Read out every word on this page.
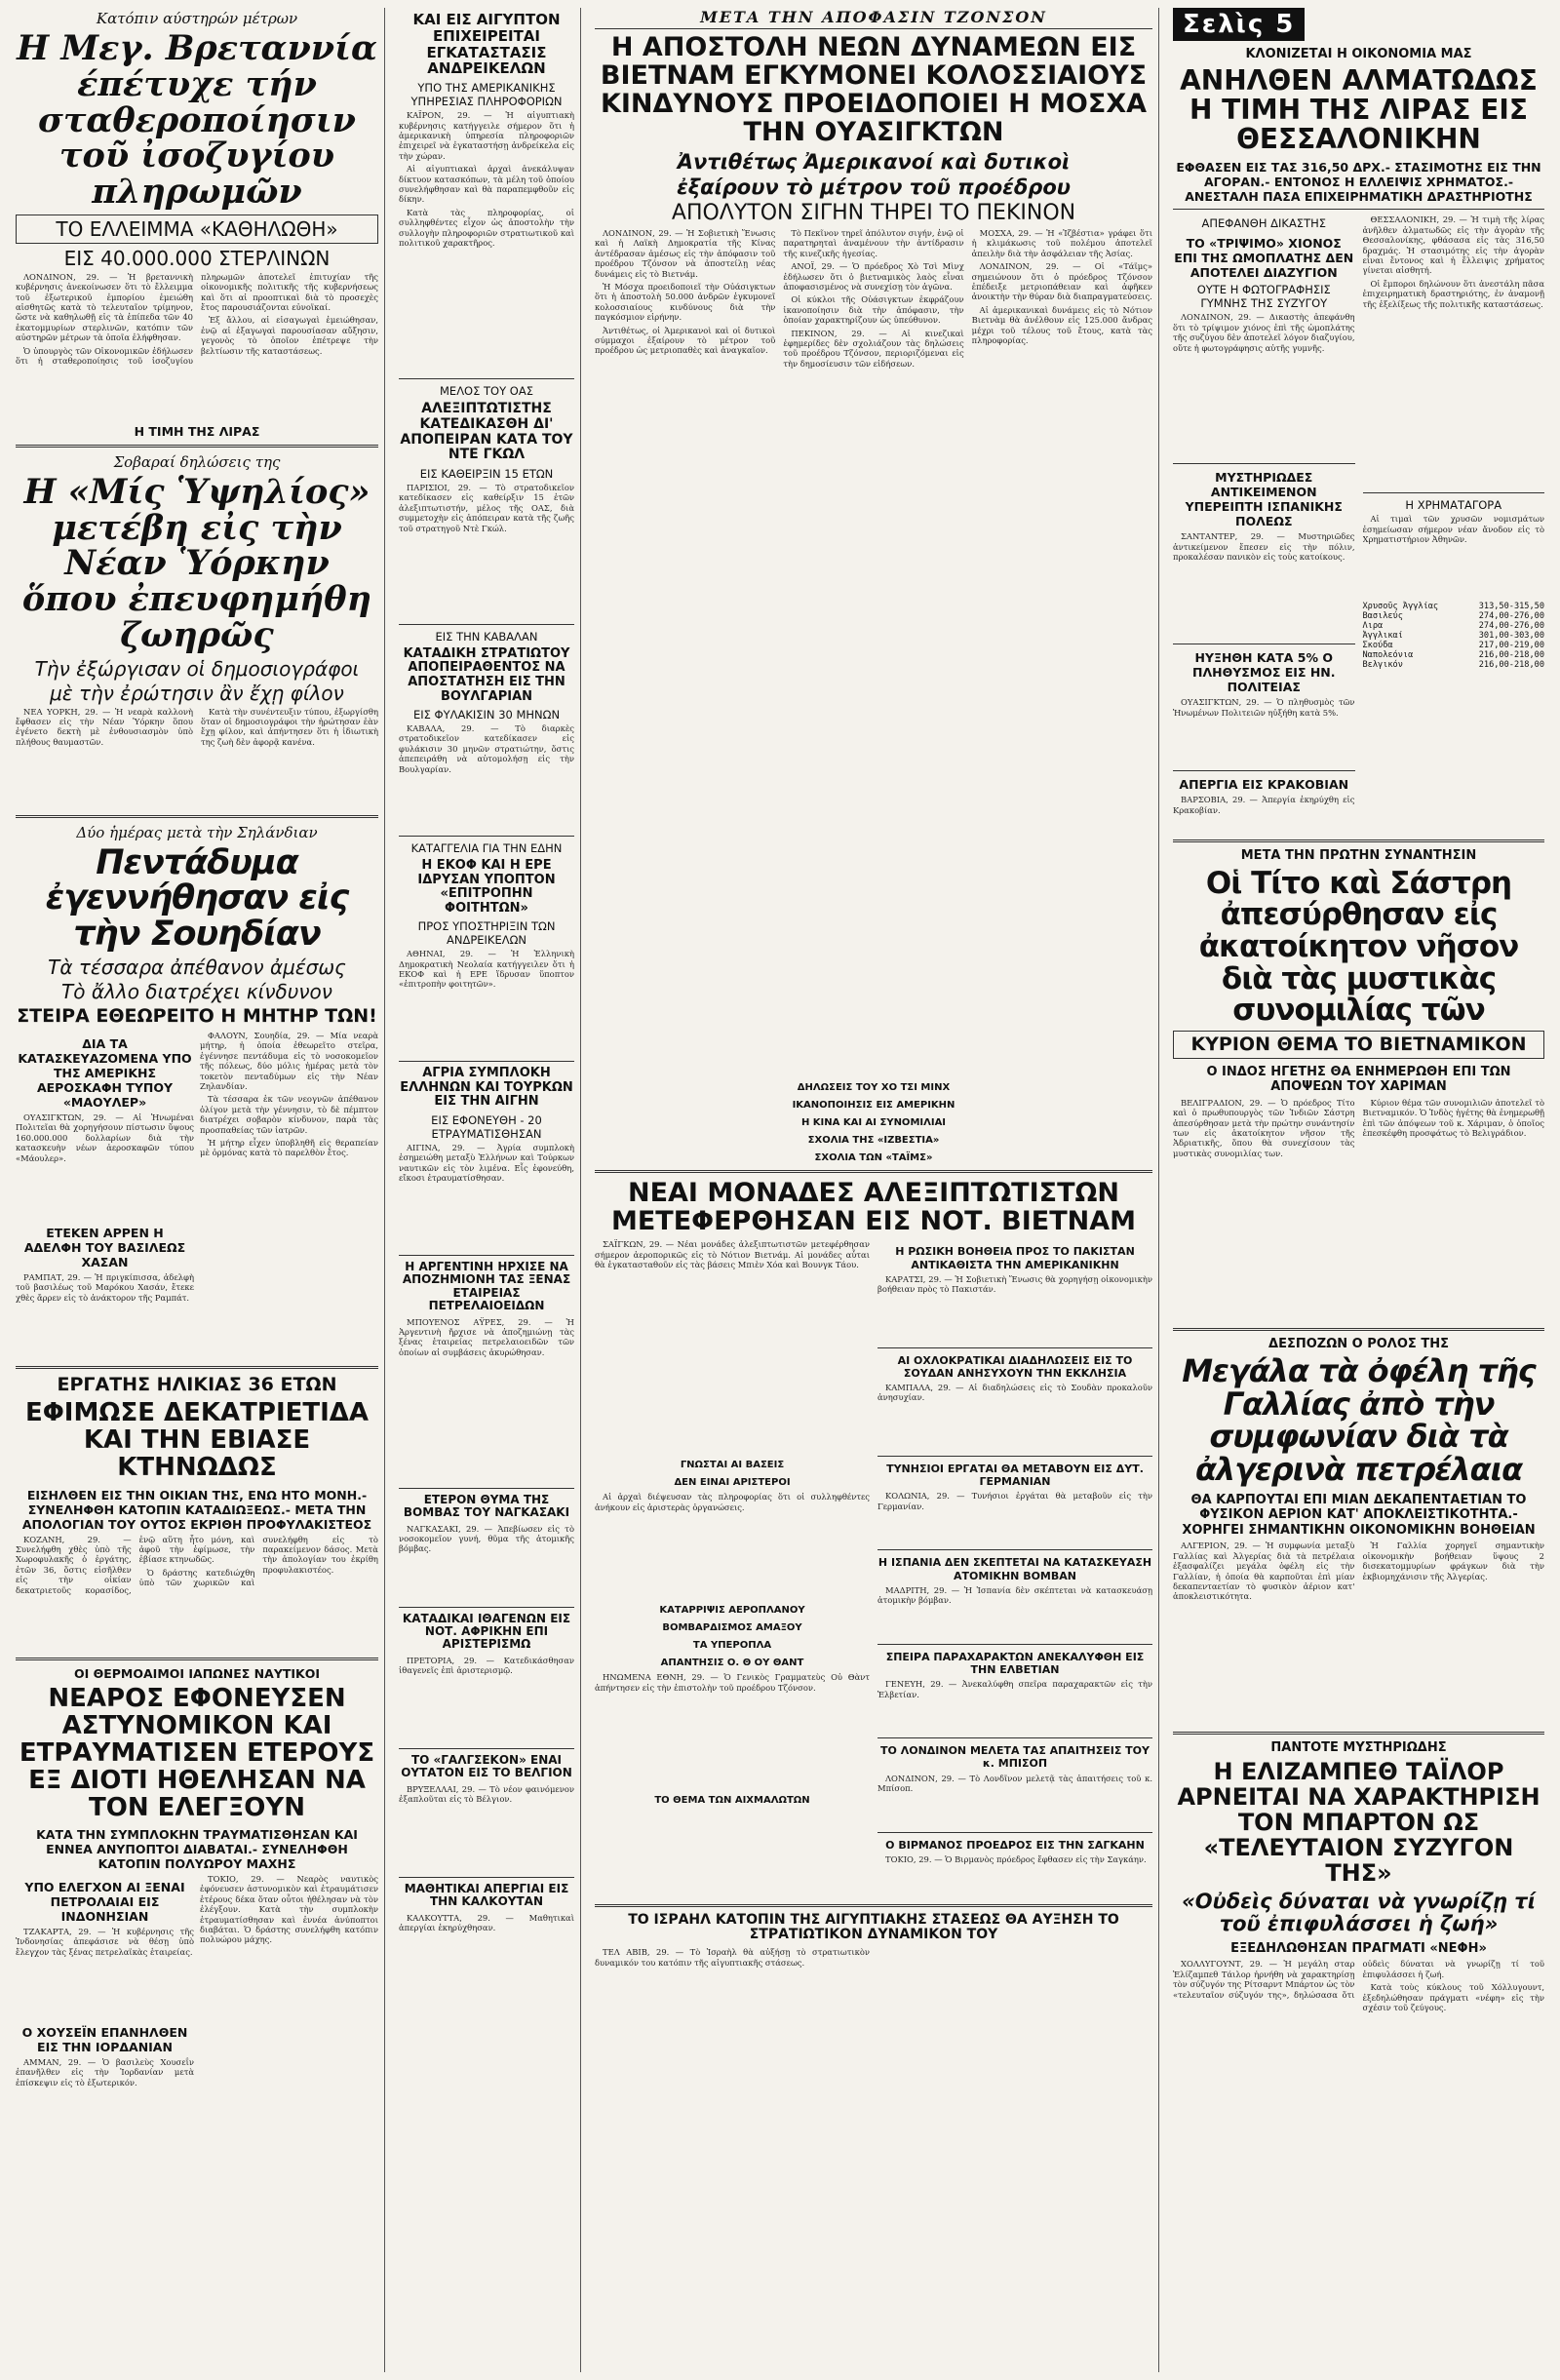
Κατόπιν αύστηρών μέτρων
Η Μεγ. Βρεταννία έπέτυχε τήν σταθεροποίησιν τοῦ ἰσοζυγίου πληρωμῶν
ΤΟ ΕΛΛΕΙΜΜΑ «ΚΑΘΗΛΩΘΗ»
ΕΙΣ 40.000.000 ΣΤΕΡΛΙΝΩΝ

ΛΟΝΔΙΝΟΝ, 29. — Ἡ βρεταννικὴ κυβέρνησις ἀνεκοίνωσεν ὅτι τὸ ἔλλειμμα τοῦ ἐξωτερικοῦ ἐμπορίου ἐμειώθη αἰσθητῶς κατὰ τὸ τελευταῖον τρίμηνον, ὥστε νὰ καθηλωθῇ εἰς τὰ ἐπίπεδα τῶν 40 ἑκατομμυρίων στερλινῶν, κατόπιν τῶν αὐστηρῶν μέτρων τὰ ὁποῖα ἐλήφθησαν.

Ὁ ὑπουργὸς τῶν Οἰκονομικῶν ἐδήλωσεν ὅτι ἡ σταθεροποίησις τοῦ ἰσοζυγίου πληρωμῶν ἀποτελεῖ ἐπιτυχίαν τῆς οἰκονομικῆς πολιτικῆς τῆς κυβερνήσεως καὶ ὅτι αἱ προοπτικαὶ διὰ τὸ προσεχὲς ἔτος παρουσιάζονται εὐνοϊκαί.

Ἐξ ἄλλου, αἱ εἰσαγωγαὶ ἐμειώθησαν, ἐνῷ αἱ ἐξαγωγαὶ παρουσίασαν αὔξησιν, γεγονὸς τὸ ὁποῖον ἐπέτρεψε τὴν βελτίωσιν τῆς καταστάσεως.

Η ΤΙΜΗ ΤΗΣ ΛΙΡΑΣ
Σοβαραί δηλώσεις της
Η «Μίς Ὑψηλίος» μετέβη εἰς τὴν Νέαν Ὑόρκην ὅπου ἐπευφημήθη ζωηρῶς
Τὴν ἐξώργισαν οἱ δημοσιογράφοι
μὲ τὴν ἐρώτησιν ἂν ἔχῃ φίλον

ΝΕΑ ΥΟΡΚΗ, 29. — Ἡ νεαρὰ καλλονὴ ἔφθασεν εἰς τὴν Νέαν Ὑόρκην ὅπου ἐγένετο δεκτὴ μὲ ἐνθουσιασμὸν ὑπὸ πλήθους θαυμαστῶν.

Κατὰ τὴν συνέντευξιν τύπου, ἐξωργίσθη ὅταν οἱ δημοσιογράφοι τὴν ἠρώτησαν ἐὰν ἔχῃ φίλον, καὶ ἀπήντησεν ὅτι ἡ ἰδιωτικὴ της ζωὴ δὲν ἀφορᾷ κανένα.

Δύο ἡμέρας μετὰ τὴν Σηλάνδιαν
Πεντάδυμα ἐγεννήθησαν εἰς τὴν Σουηδίαν
Τὰ τέσσαρα ἀπέθανον ἀμέσως
Τὸ ἄλλο διατρέχει κίνδυνον
ΣΤΕΙΡΑ ΕΘΕΩΡΕΙΤΟ Η ΜΗΤΗΡ ΤΩΝ!
ΔΙΑ ΤΑ ΚΑΤΑΣΚΕΥΑΖΟΜΕΝΑ ΥΠΟ ΤΗΣ ΑΜΕΡΙΚΗΣ ΑΕΡΟΣΚΑΦΗ ΤΥΠΟΥ «ΜΑΟΥΛΕΡ»

ΟΥΑΣΙΓΚΤΩΝ, 29. — Αἱ Ἡνωμέναι Πολιτεῖαι θὰ χορηγήσουν πίστωσιν ὕψους 160.000.000 δολλαρίων διὰ τὴν κατασκευὴν νέων ἀεροσκαφῶν τύπου «Μάουλερ».

ΕΤΕΚΕΝ ΑΡΡΕΝ Η ΑΔΕΛΦΗ ΤΟΥ ΒΑΣΙΛΕΩΣ ΧΑΣΑΝ

ΡΑΜΠΑΤ, 29. — Ἡ πριγκίπισσα, ἀδελφὴ τοῦ βασιλέως τοῦ Μαρόκου Χασάν, ἔτεκε χθὲς ἄρρεν εἰς τὸ ἀνάκτορον τῆς Ραμπάτ.

ΦΑΛΟΥΝ, Σουηδία, 29. — Μία νεαρὰ μήτηρ, ἡ ὁποία ἐθεωρεῖτο στεῖρα, ἐγέννησε πεντάδυμα εἰς τὸ νοσοκομεῖον τῆς πόλεως, δύο μόλις ἡμέρας μετὰ τὸν τοκετὸν πενταδύμων εἰς τὴν Νέαν Ζηλανδίαν.

Τὰ τέσσαρα ἐκ τῶν νεογνῶν ἀπέθανον ὀλίγον μετὰ τὴν γέννησιν, τὸ δὲ πέμπτον διατρέχει σοβαρὸν κίνδυνον, παρὰ τὰς προσπαθείας τῶν ἰατρῶν.

Ἡ μήτηρ εἶχεν ὑποβληθῆ εἰς θεραπείαν μὲ ὁρμόνας κατὰ τὸ παρελθὸν ἔτος.

ΕΡΓΑΤΗΣ ΗΛΙΚΙΑΣ 36 ΕΤΩΝ
ΕΦΙΜΩΣΕ ΔΕΚΑΤΡΙΕΤΙΔΑ ΚΑΙ ΤΗΝ ΕΒΙΑΣΕ ΚΤΗΝΩΔΩΣ
ΕΙΣΗΛΘΕΝ ΕΙΣ ΤΗΝ ΟΙΚΙΑΝ ΤΗΣ, ΕΝΩ ΗΤΟ ΜΟΝΗ.- ΣΥΝΕΛΗΦΘΗ ΚΑΤΟΠΙΝ ΚΑΤΑΔΙΩΞΕΩΣ.- ΜΕΤΑ ΤΗΝ ΑΠΟΛΟΓΙΑΝ ΤΟΥ ΟΥΤΟΣ ΕΚΡΙΘΗ ΠΡΟΦΥΛΑΚΙΣΤΕΟΣ

ΚΟΖΑΝΗ, 29. — Συνελήφθη χθὲς ὑπὸ τῆς Χωροφυλακῆς ὁ ἐργάτης, ἐτῶν 36, ὅστις εἰσῆλθεν εἰς τὴν οἰκίαν δεκατριετοῦς κορασίδος, ἐνῷ αὕτη ἦτο μόνη, καὶ ἀφοῦ τὴν ἐφίμωσε, τὴν ἐβίασε κτηνωδῶς.

Ὁ δράστης κατεδιώχθη ὑπὸ τῶν χωρικῶν καὶ συνελήφθη εἰς τὸ παρακείμενον δάσος. Μετὰ τὴν ἀπολογίαν του ἐκρίθη προφυλακιστέος.

ΟΙ ΘΕΡΜΟΑΙΜΟΙ ΙΑΠΩΝΕΣ ΝΑΥΤΙΚΟΙ
ΝΕΑΡΟΣ ΕΦΟΝΕΥΣΕΝ ΑΣΤΥΝΟΜΙΚΟΝ ΚΑΙ ΕΤΡΑΥΜΑΤΙΣΕΝ ΕΤΕΡΟΥΣ ΕΞ ΔΙΟΤΙ ΗΘΕΛΗΣΑΝ ΝΑ ΤΟΝ ΕΛΕΓΞΟΥΝ
ΚΑΤΑ ΤΗΝ ΣΥΜΠΛΟΚΗΝ ΤΡΑΥΜΑΤΙΣΘΗΣΑΝ ΚΑΙ ΕΝΝΕΑ ΑΝΥΠΟΠΤΟΙ ΔΙΑΒΑΤΑΙ.- ΣΥΝΕΛΗΦΘΗ ΚΑΤΟΠΙΝ ΠΟΛΥΩΡΟΥ ΜΑΧΗΣ
ΥΠΟ ΕΛΕΓΧΟΝ ΑΙ ΞΕΝΑΙ ΠΕΤΡΟΛΑΙΑΙ ΕΙΣ ΙΝΔΟΝΗΣΙΑΝ

ΤΖΑΚΑΡΤΑ, 29. — Ἡ κυβέρνησις τῆς Ἰνδονησίας ἀπεφάσισε νὰ θέσῃ ὑπὸ ἔλεγχον τὰς ξένας πετρελαϊκὰς ἑταιρείας.

Ο ΧΟΥΣΕΪΝ ΕΠΑΝΗΛΘΕΝ ΕΙΣ ΤΗΝ ΙΟΡΔΑΝΙΑΝ

ΑΜΜΑΝ, 29. — Ὁ βασιλεὺς Χουσεΐν ἐπανῆλθεν εἰς τὴν Ἰορδανίαν μετὰ ἐπίσκεψιν εἰς τὸ ἐξωτερικόν.

ΤΟΚΙΟ, 29. — Νεαρὸς ναυτικὸς ἐφόνευσεν ἀστυνομικὸν καὶ ἐτραυμάτισεν ἑτέρους δέκα ὅταν οὗτοι ἠθέλησαν νὰ τὸν ἐλέγξουν. Κατὰ τὴν συμπλοκὴν ἐτραυματίσθησαν καὶ ἐννέα ἀνύποπτοι διαβάται. Ὁ δράστης συνελήφθη κατόπιν πολυώρου μάχης.

ΚΑΙ ΕΙΣ ΑΙΓΥΠΤΟΝ ΕΠΙΧΕΙΡΕΙΤΑΙ ΕΓΚΑΤΑΣΤΑΣΙΣ ΑΝΔΡΕΙΚΕΛΩΝ
ΥΠΟ ΤΗΣ ΑΜΕΡΙΚΑΝΙΚΗΣ ΥΠΗΡΕΣΙΑΣ ΠΛΗΡΟΦΟΡΙΩΝ

ΚΑΪΡΟΝ, 29. — Ἡ αἰγυπτιακὴ κυβέρνησις κατήγγειλε σήμερον ὅτι ἡ ἀμερικανικὴ ὑπηρεσία πληροφοριῶν ἐπιχειρεῖ νὰ ἐγκαταστήσῃ ἀνδρείκελα εἰς τὴν χώραν.

Αἱ αἰγυπτιακαὶ ἀρχαὶ ἀνεκάλυψαν δίκτυον κατασκόπων, τὰ μέλη τοῦ ὁποίου συνελήφθησαν καὶ θὰ παραπεμφθοῦν εἰς δίκην.

Κατὰ τὰς πληροφορίας, οἱ συλληφθέντες εἶχον ὡς ἀποστολὴν τὴν συλλογὴν πληροφοριῶν στρατιωτικοῦ καὶ πολιτικοῦ χαρακτῆρος.

ΜΕΛΟΣ ΤΟΥ ΟΑΣ
ΑΛΕΞΙΠΤΩΤΙΣΤΗΣ ΚΑΤΕΔΙΚΑΣΘΗ ΔΙ' ΑΠΟΠΕΙΡΑΝ ΚΑΤΑ ΤΟΥ ΝΤΕ ΓΚΩΛ
ΕΙΣ ΚΑΘΕΙΡΞΙΝ 15 ΕΤΩΝ

ΠΑΡΙΣΙΟΙ, 29. — Τὸ στρατοδικεῖον κατεδίκασεν εἰς καθείρξιν 15 ἐτῶν ἀλεξιπτωτιστήν, μέλος τῆς ΟΑΣ, διὰ συμμετοχὴν εἰς ἀπόπειραν κατὰ τῆς ζωῆς τοῦ στρατηγοῦ Ντὲ Γκώλ.

ΕΙΣ ΤΗΝ ΚΑΒΑΛΑΝ
ΚΑΤΑΔΙΚΗ ΣΤΡΑΤΙΩΤΟΥ ΑΠΟΠΕΙΡΑΘΕΝΤΟΣ ΝΑ ΑΠΟΣΤΑΤΗΣΗ ΕΙΣ ΤΗΝ ΒΟΥΛΓΑΡΙΑΝ
ΕΙΣ ΦΥΛΑΚΙΣΙΝ 30 ΜΗΝΩΝ

ΚΑΒΑΛΑ, 29. — Τὸ διαρκὲς στρατοδικεῖον κατεδίκασεν εἰς φυλάκισιν 30 μηνῶν στρατιώτην, ὅστις ἀπεπειράθη νὰ αὐτομολήσῃ εἰς τὴν Βουλγαρίαν.

ΚΑΤΑΓΓΕΛΙΑ ΓΙΑ ΤΗΝ ΕΔΗΝ
Η ΕΚΟΦ ΚΑΙ Η ΕΡΕ ΙΔΡΥΣΑΝ ΥΠΟΠΤΟΝ «ΕΠΙΤΡΟΠΗΝ ΦΟΙΤΗΤΩΝ»
ΠΡΟΣ ΥΠΟΣΤΗΡΙΞΙΝ ΤΩΝ ΑΝΔΡΕΙΚΕΛΩΝ

ΑΘΗΝΑΙ, 29. — Ἡ Ἑλληνικὴ Δημοκρατικὴ Νεολαία κατήγγειλεν ὅτι ἡ ΕΚΟΦ καὶ ἡ ΕΡΕ ἵδρυσαν ὕποπτον «ἐπιτροπὴν φοιτητῶν».

ΑΓΡΙΑ ΣΥΜΠΛΟΚΗ ΕΛΛΗΝΩΝ ΚΑΙ ΤΟΥΡΚΩΝ ΕΙΣ ΤΗΝ ΑΙΓΗΝ
ΕΙΣ ΕΦΟΝΕΥΘΗ - 20 ΕΤΡΑΥΜΑΤΙΣΘΗΣΑΝ

ΑΙΓΙΝΑ, 29. — Ἀγρία συμπλοκὴ ἐσημειώθη μεταξὺ Ἑλλήνων καὶ Τούρκων ναυτικῶν εἰς τὸν λιμένα. Εἷς ἐφονεύθη, εἴκοσι ἐτραυματίσθησαν.

Η ΑΡΓΕΝΤΙΝΗ ΗΡΧΙΣΕ ΝΑ ΑΠΟΖΗΜΙΟΝΗ ΤΑΣ ΞΕΝΑΣ ΕΤΑΙΡΕΙΑΣ ΠΕΤΡΕΛΑΙΟΕΙΔΩΝ

ΜΠΟΥΕΝΟΣ ΑΫΡΕΣ, 29. — Ἡ Ἀργεντινὴ ἤρχισε νὰ ἀποζημιώνῃ τὰς ξένας ἑταιρείας πετρελαιοειδῶν τῶν ὁποίων αἱ συμβάσεις ἀκυρώθησαν.

ΕΤΕΡΟΝ ΘΥΜΑ ΤΗΣ ΒΟΜΒΑΣ ΤΟΥ ΝΑΓΚΑΣΑΚΙ

ΝΑΓΚΑΣΑΚΙ, 29. — Ἀπεβίωσεν εἰς τὸ νοσοκομεῖον γυνή, θῦμα τῆς ἀτομικῆς βόμβας.

ΚΑΤΑΔΙΚΑΙ ΙΘΑΓΕΝΩΝ ΕΙΣ ΝΟΤ. ΑΦΡΙΚΗΝ ΕΠΙ ΑΡΙΣΤΕΡΙΣΜΩ

ΠΡΕΤΟΡΙΑ, 29. — Κατεδικάσθησαν ἰθαγενεῖς ἐπὶ ἀριστερισμῷ.

ΤΟ «ΓΑΛΓΣΕΚΟΝ» ΕΝΑΙ ΟΥΤΑΤΟΝ ΕΙΣ ΤΟ ΒΕΛΓΙΟΝ

ΒΡΥΞΕΛΛΑΙ, 29. — Τὸ νέον φαινόμενον ἐξαπλοῦται εἰς τὸ Βέλγιον.

ΜΑΘΗΤΙΚΑΙ ΑΠΕΡΓΙΑΙ ΕΙΣ ΤΗΝ ΚΑΛΚΟΥΤΑΝ

ΚΑΛΚΟΥΤΤΑ, 29. — Μαθητικαὶ ἀπεργίαι ἐκηρύχθησαν.

ΜΕΤΑ ΤΗΝ ΑΠΟΦΑΣΙΝ ΤΖΟΝΣΟΝ
Η ΑΠΟΣΤΟΛΗ ΝΕΩΝ ΔΥΝΑΜΕΩΝ ΕΙΣ ΒΙΕΤΝΑΜ ΕΓΚΥΜΟΝΕΙ ΚΟΛΟΣΣΙΑΙΟΥΣ ΚΙΝΔΥΝΟΥΣ ΠΡΟΕΙΔΟΠΟΙΕΙ Η ΜΟΣΧΑ ΤΗΝ ΟΥΑΣΙΓΚΤΩΝ
Ἀντιθέτως Ἀμερικανοί καὶ δυτικοὶ
ἐξαίρουν τὸ μέτρον τοῦ προέδρου
ΑΠΟΛΥΤΟΝ ΣΙΓΗΝ ΤΗΡΕΙ ΤΟ ΠΕΚΙΝΟΝ

ΛΟΝΔΙΝΟΝ, 29. — Ἡ Σοβιετικὴ Ἕνωσις καὶ ἡ Λαϊκὴ Δημοκρατία τῆς Κίνας ἀντέδρασαν ἀμέσως εἰς τὴν ἀπόφασιν τοῦ προέδρου Τζόνσον νὰ ἀποστείλῃ νέας δυνάμεις εἰς τὸ Βιετνάμ.

Ἡ Μόσχα προειδοποιεῖ τὴν Οὐάσιγκτων ὅτι ἡ ἀποστολὴ 50.000 ἀνδρῶν ἐγκυμονεῖ κολοσσιαίους κινδύνους διὰ τὴν παγκόσμιον εἰρήνην.

Ἀντιθέτως, οἱ Ἀμερικανοὶ καὶ οἱ δυτικοὶ σύμμαχοι ἐξαίρουν τὸ μέτρον τοῦ προέδρου ὡς μετριοπαθὲς καὶ ἀναγκαῖον.

Τὸ Πεκῖνον τηρεῖ ἀπόλυτον σιγήν, ἐνῷ οἱ παρατηρηταὶ ἀναμένουν τὴν ἀντίδρασιν τῆς κινεζικῆς ἡγεσίας.

ΑΝΟΪ, 29. — Ὁ πρόεδρος Χὸ Τσὶ Μὶνχ ἐδήλωσεν ὅτι ὁ βιετναμικὸς λαὸς εἶναι ἀποφασισμένος νὰ συνεχίσῃ τὸν ἀγῶνα.

Οἱ κύκλοι τῆς Οὐάσιγκτων ἐκφράζουν ἱκανοποίησιν διὰ τὴν ἀπόφασιν, τὴν ὁποίαν χαρακτηρίζουν ὡς ὑπεύθυνον.

ΠΕΚΙΝΟΝ, 29. — Αἱ κινεζικαὶ ἐφημερίδες δὲν σχολιάζουν τὰς δηλώσεις τοῦ προέδρου Τζόνσον, περιοριζόμεναι εἰς τὴν δημοσίευσιν τῶν εἰδήσεων.

ΜΟΣΧΑ, 29. — Ἡ «Ἰζβέστια» γράφει ὅτι ἡ κλιμάκωσις τοῦ πολέμου ἀποτελεῖ ἀπειλὴν διὰ τὴν ἀσφάλειαν τῆς Ἀσίας.

ΛΟΝΔΙΝΟΝ, 29. — Οἱ «Τάϊμς» σημειώνουν ὅτι ὁ πρόεδρος Τζόνσον ἐπέδειξε μετριοπάθειαν καὶ ἀφῆκεν ἀνοικτὴν τὴν θύραν διὰ διαπραγματεύσεις.

Αἱ ἀμερικανικαὶ δυνάμεις εἰς τὸ Νότιον Βιετνὰμ θὰ ἀνέλθουν εἰς 125.000 ἄνδρας μέχρι τοῦ τέλους τοῦ ἔτους, κατὰ τὰς πληροφορίας.

ΔΗΛΩΣΕΙΣ ΤΟΥ ΧΟ ΤΣΙ ΜΙΝΧ
ΙΚΑΝΟΠΟΙΗΣΙΣ ΕΙΣ ΑΜΕΡΙΚΗΝ
Η ΚΙΝΑ ΚΑΙ ΑΙ ΣΥΝΟΜΙΛΙΑΙ
ΣΧΟΛΙΑ ΤΗΣ «ΙΖΒΕΣΤΙΑ»
ΣΧΟΛΙΑ ΤΩΝ «ΤΑΪΜΣ»
ΝΕΑΙ ΜΟΝΑΔΕΣ ΑΛΕΞΙΠΤΩΤΙΣΤΩΝ ΜΕΤΕΦΕΡΘΗΣΑΝ ΕΙΣ ΝΟΤ. ΒΙΕΤΝΑΜ

ΣΑΪΓΚΩΝ, 29. — Νέαι μονάδες ἀλεξιπτωτιστῶν μετεφέρθησαν σήμερον ἀεροπορικῶς εἰς τὸ Νότιον Βιετνάμ. Αἱ μονάδες αὗται θὰ ἐγκατασταθοῦν εἰς τὰς βάσεις Μπιὲν Χόα καὶ Βουνγκ Τάου.

ΓΝΩΣΤΑΙ ΑΙ ΒΑΣΕΙΣ
ΔΕΝ ΕΙΝΑΙ ΑΡΙΣΤΕΡΟΙ

Αἱ ἀρχαὶ διέψευσαν τὰς πληροφορίας ὅτι οἱ συλληφθέντες ἀνήκουν εἰς ἀριστερὰς ὀργανώσεις.

ΚΑΤΑΡΡΙΨΙΣ ΑΕΡΟΠΛΑΝΟΥ
ΒΟΜΒΑΡΔΙΣΜΟΣ ΑΜΑΞΟΥ
ΤΑ ΥΠΕΡΟΠΛΑ
ΑΠΑΝΤΗΣΙΣ Ο. Θ ΟΥ ΘΑΝΤ

ΗΝΩΜΕΝΑ ΕΘΝΗ, 29. — Ὁ Γενικὸς Γραμματεὺς Οὐ Θὰντ ἀπήντησεν εἰς τὴν ἐπιστολὴν τοῦ προέδρου Τζόνσον.

ΤΟ ΘΕΜΑ ΤΩΝ ΑΙΧΜΑΛΩΤΩΝ
Η ΡΩΣΙΚΗ ΒΟΗΘΕΙΑ ΠΡΟΣ ΤΟ ΠΑΚΙΣΤΑΝ ΑΝΤΙΚΑΘΙΣΤΑ ΤΗΝ ΑΜΕΡΙΚΑΝΙΚΗΝ

ΚΑΡΑΤΣΙ, 29. — Ἡ Σοβιετικὴ Ἕνωσις θὰ χορηγήσῃ οἰκονομικὴν βοήθειαν πρὸς τὸ Πακιστάν.

ΑΙ ΟΧΛΟΚΡΑΤΙΚΑΙ ΔΙΑΔΗΛΩΣΕΙΣ ΕΙΣ ΤΟ ΣΟΥΔΑΝ ΑΝΗΣΥΧΟΥΝ ΤΗΝ ΕΚΚΛΗΣΙΑ

ΚΑΜΠΑΛΑ, 29. — Αἱ διαδηλώσεις εἰς τὸ Σουδὰν προκαλοῦν ἀνησυχίαν.

ΤΥΝΗΣΙΟΙ ΕΡΓΑΤΑΙ ΘΑ ΜΕΤΑΒΟΥΝ ΕΙΣ ΔΥΤ. ΓΕΡΜΑΝΙΑΝ

ΚΟΛΩΝΙΑ, 29. — Τυνήσιοι ἐργάται θὰ μεταβοῦν εἰς τὴν Γερμανίαν.

Η ΙΣΠΑΝΙΑ ΔΕΝ ΣΚΕΠΤΕΤΑΙ ΝΑ ΚΑΤΑΣΚΕΥΑΣΗ ΑΤΟΜΙΚΗΝ ΒΟΜΒΑΝ

ΜΑΔΡΙΤΗ, 29. — Ἡ Ἱσπανία δὲν σκέπτεται νὰ κατασκευάσῃ ἀτομικὴν βόμβαν.

ΣΠΕΙΡΑ ΠΑΡΑΧΑΡΑΚΤΩΝ ΑΝΕΚΑΛΥΦΘΗ ΕΙΣ ΤΗΝ ΕΛΒΕΤΙΑΝ

ΓΕΝΕΥΗ, 29. — Ἀνεκαλύφθη σπεῖρα παραχαρακτῶν εἰς τὴν Ἑλβετίαν.

ΤΟ ΛΟΝΔΙΝΟΝ ΜΕΛΕΤΑ ΤΑΣ ΑΠΑΙΤΗΣΕΙΣ ΤΟΥ κ. ΜΠΙΣΟΠ

ΛΟΝΔΙΝΟΝ, 29. — Τὸ Λονδῖνον μελετᾷ τὰς ἀπαιτήσεις τοῦ κ. Μπίσοπ.

Ο ΒΙΡΜΑΝΟΣ ΠΡΟΕΔΡΟΣ ΕΙΣ ΤΗΝ ΣΑΓΚΑΗΝ

ΤΟΚΙΟ, 29. — Ὁ Βιρμανὸς πρόεδρος ἔφθασεν εἰς τὴν Σαγκάην.

ΤΟ ΙΣΡΑΗΛ ΚΑΤΟΠΙΝ ΤΗΣ ΑΙΓΥΠΤΙΑΚΗΣ ΣΤΑΣΕΩΣ ΘΑ ΑΥΞΗΣΗ ΤΟ ΣΤΡΑΤΙΩΤΙΚΟΝ ΔΥΝΑΜΙΚΟΝ ΤΟΥ

ΤΕΛ ΑΒΙΒ, 29. — Τὸ Ἰσραὴλ θὰ αὐξήσῃ τὸ στρατιωτικὸν δυναμικόν του κατόπιν τῆς αἰγυπτιακῆς στάσεως.

Σελὶς 5
ΚΛΟΝΙΖΕΤΑΙ Η ΟΙΚΟΝΟΜΙΑ ΜΑΣ
ΑΝΗΛΘΕΝ ΑΛΜΑΤΩΔΩΣ Η ΤΙΜΗ ΤΗΣ ΛΙΡΑΣ ΕΙΣ ΘΕΣΣΑΛΟΝΙΚΗΝ
ΕΦΘΑΣΕΝ ΕΙΣ ΤΑΣ 316,50 ΔΡΧ.- ΣΤΑΣΙΜΟΤΗΣ ΕΙΣ ΤΗΝ ΑΓΟΡΑΝ.- ΕΝΤΟΝΟΣ Η ΕΛΛΕΙΨΙΣ ΧΡΗΜΑΤΟΣ.- ΑΝΕΣΤΑΛΗ ΠΑΣΑ ΕΠΙΧΕΙΡΗΜΑΤΙΚΗ ΔΡΑΣΤΗΡΙΟΤΗΣ
ΑΠΕΦΑΝΘΗ ΔΙΚΑΣΤΗΣ
ΤΟ «ΤΡΙΨΙΜΟ» ΧΙΟΝΟΣ ΕΠΙ ΤΗΣ ΩΜΟΠΛΑΤΗΣ ΔΕΝ ΑΠΟΤΕΛΕΙ ΔΙΑΖΥΓΙΟΝ
ΟΥΤΕ Η ΦΩΤΟΓΡΑΦΗΣΙΣ ΓΥΜΝΗΣ ΤΗΣ ΣΥΖΥΓΟΥ

ΛΟΝΔΙΝΟΝ, 29. — Δικαστὴς ἀπεφάνθη ὅτι τὸ τρίψιμον χιόνος ἐπὶ τῆς ὠμοπλάτης τῆς συζύγου δὲν ἀποτελεῖ λόγον διαζυγίου, οὔτε ἡ φωτογράφησις αὐτῆς γυμνῆς.

ΜΥΣΤΗΡΙΩΔΕΣ ΑΝΤΙΚΕΙΜΕΝΟΝ ΥΠΕΡΕΙΠΤΗ ΙΣΠΑΝΙΚΗΣ ΠΟΛΕΩΣ

ΣΑΝΤΑΝΤΕΡ, 29. — Μυστηριῶδες ἀντικείμενον ἔπεσεν εἰς τὴν πόλιν, προκαλέσαν πανικὸν εἰς τοὺς κατοίκους.

ΗΥΞΗΘΗ ΚΑΤΑ 5% Ο ΠΛΗΘΥΣΜΟΣ ΕΙΣ ΗΝ. ΠΟΛΙΤΕΙΑΣ

ΟΥΑΣΙΓΚΤΩΝ, 29. — Ὁ πληθυσμὸς τῶν Ἡνωμένων Πολιτειῶν ηὐξήθη κατὰ 5%.

ΑΠΕΡΓΙΑ ΕΙΣ ΚΡΑΚΟΒΙΑΝ

ΒΑΡΣΟΒΙΑ, 29. — Ἀπεργία ἐκηρύχθη εἰς Κρακοβίαν.

ΘΕΣΣΑΛΟΝΙΚΗ, 29. — Ἡ τιμὴ τῆς λίρας ἀνῆλθεν ἀλματωδῶς εἰς τὴν ἀγορὰν τῆς Θεσσαλονίκης, φθάσασα εἰς τὰς 316,50 δραχμάς. Ἡ στασιμότης εἰς τὴν ἀγορὰν εἶναι ἔντονος καὶ ἡ ἔλλειψις χρήματος γίνεται αἰσθητή.

Οἱ ἔμποροι δηλώνουν ὅτι ἀνεστάλη πᾶσα ἐπιχειρηματικὴ δραστηριότης, ἐν ἀναμονῇ τῆς ἐξελίξεως τῆς πολιτικῆς καταστάσεως.

Η ΧΡΗΜΑΤΑΓΟΡΑ

Αἱ τιμαὶ τῶν χρυσῶν νομισμάτων ἐσημείωσαν σήμερον νέαν ἄνοδον εἰς τὸ Χρηματιστήριον Ἀθηνῶν.

Χρυσοῦς Ἀγγλίας	313,50-315,50
Βασιλεύς	274,00-276,00
Λιρα	274,00-276,00
Ἀγγλικαί	301,00-303,00
Σκούδα	217,00-219,00
Ναπολεόνια	216,00-218,00
Βελγικόν	216,00-218,00
ΜΕΤΑ ΤΗΝ ΠΡΩΤΗΝ ΣΥΝΑΝΤΗΣΙΝ
Οἱ Τίτο καὶ Σάστρη ἀπεσύρθησαν εἰς ἀκατοίκητον νῆσον διὰ τὰς μυστικὰς συνομιλίας τῶν
ΚΥΡΙΟΝ ΘΕΜΑ ΤΟ ΒΙΕΤΝΑΜΙΚΟΝ
Ο ΙΝΔΟΣ ΗΓΕΤΗΣ ΘΑ ΕΝΗΜΕΡΩΘΗ ΕΠΙ ΤΩΝ ΑΠΟΨΕΩΝ ΤΟΥ ΧΑΡΙΜΑΝ

ΒΕΛΙΓΡΑΔΙΟΝ, 29. — Ὁ πρόεδρος Τίτο καὶ ὁ πρωθυπουργὸς τῶν Ἰνδιῶν Σάστρη ἀπεσύρθησαν μετὰ τὴν πρώτην συνάντησίν των εἰς ἀκατοίκητον νῆσον τῆς Ἀδριατικῆς, ὅπου θὰ συνεχίσουν τὰς μυστικὰς συνομιλίας των.

Κύριον θέμα τῶν συνομιλιῶν ἀποτελεῖ τὸ Βιετναμικόν. Ὁ Ἰνδὸς ἡγέτης θὰ ἐνημερωθῇ ἐπὶ τῶν ἀπόψεων τοῦ κ. Χάριμαν, ὁ ὁποῖος ἐπεσκέφθη προσφάτως τὸ Βελιγράδιον.

ΔΕΣΠΟΖΩΝ Ο ΡΟΛΟΣ ΤΗΣ
Μεγάλα τὰ ὀφέλη τῆς Γαλλίας ἀπὸ τὴν συμφωνίαν διὰ τὰ ἀλγερινὰ πετρέλαια
ΘΑ ΚΑΡΠΟΥΤΑΙ ΕΠΙ ΜΙΑΝ ΔΕΚΑΠΕΝΤΑΕΤΙΑΝ ΤΟ ΦΥΣΙΚΟΝ ΑΕΡΙΟΝ ΚΑΤ' ΑΠΟΚΛΕΙΣΤΙΚΟΤΗΤΑ.- ΧΟΡΗΓΕΙ ΣΗΜΑΝΤΙΚΗΝ ΟΙΚΟΝΟΜΙΚΗΝ ΒΟΗΘΕΙΑΝ

ΑΛΓΕΡΙΟΝ, 29. — Ἡ συμφωνία μεταξὺ Γαλλίας καὶ Ἀλγερίας διὰ τὰ πετρέλαια ἐξασφαλίζει μεγάλα ὀφέλη εἰς τὴν Γαλλίαν, ἡ ὁποία θὰ καρποῦται ἐπὶ μίαν δεκαπενταετίαν τὸ φυσικὸν ἀέριον κατ' ἀποκλειστικότητα.

Ἡ Γαλλία χορηγεῖ σημαντικὴν οἰκονομικὴν βοήθειαν ὕψους 2 δισεκατομμυρίων φράγκων διὰ τὴν ἐκβιομηχάνισιν τῆς Ἀλγερίας.

ΠΑΝΤΟΤΕ ΜΥΣΤΗΡΙΩΔΗΣ
Η ΕΛΙΖΑΜΠΕΘ ΤΑΪΛΟΡ ΑΡΝΕΙΤΑΙ ΝΑ ΧΑΡΑΚΤΗΡΙΣΗ ΤΟΝ ΜΠΑΡΤΟΝ ΩΣ «ΤΕΛΕΥΤΑΙΟΝ ΣΥΖΥΓΟΝ ΤΗΣ»
«Οὐδεὶς δύναται νὰ γνωρίζῃ τί τοῦ ἐπιφυλάσσει ἡ ζωή»
ΕΞΕΔΗΛΩΘΗΣΑΝ ΠΡΑΓΜΑΤΙ «ΝΕΦΗ»

ΧΟΛΛΥΓΟΥΝΤ, 29. — Ἡ μεγάλη σταρ Ἐλίζαμπεθ Τάιλορ ἠρνήθη νὰ χαρακτηρίσῃ τὸν σύζυγόν της Ρίτσαρντ Μπάρτον ὡς τὸν «τελευταῖον σύζυγόν της», δηλώσασα ὅτι οὐδεὶς δύναται νὰ γνωρίζῃ τί τοῦ ἐπιφυλάσσει ἡ ζωή.

Κατὰ τοὺς κύκλους τοῦ Χόλλυγουντ, ἐξεδηλώθησαν πράγματι «νέφη» εἰς τὴν σχέσιν τοῦ ζεύγους.
